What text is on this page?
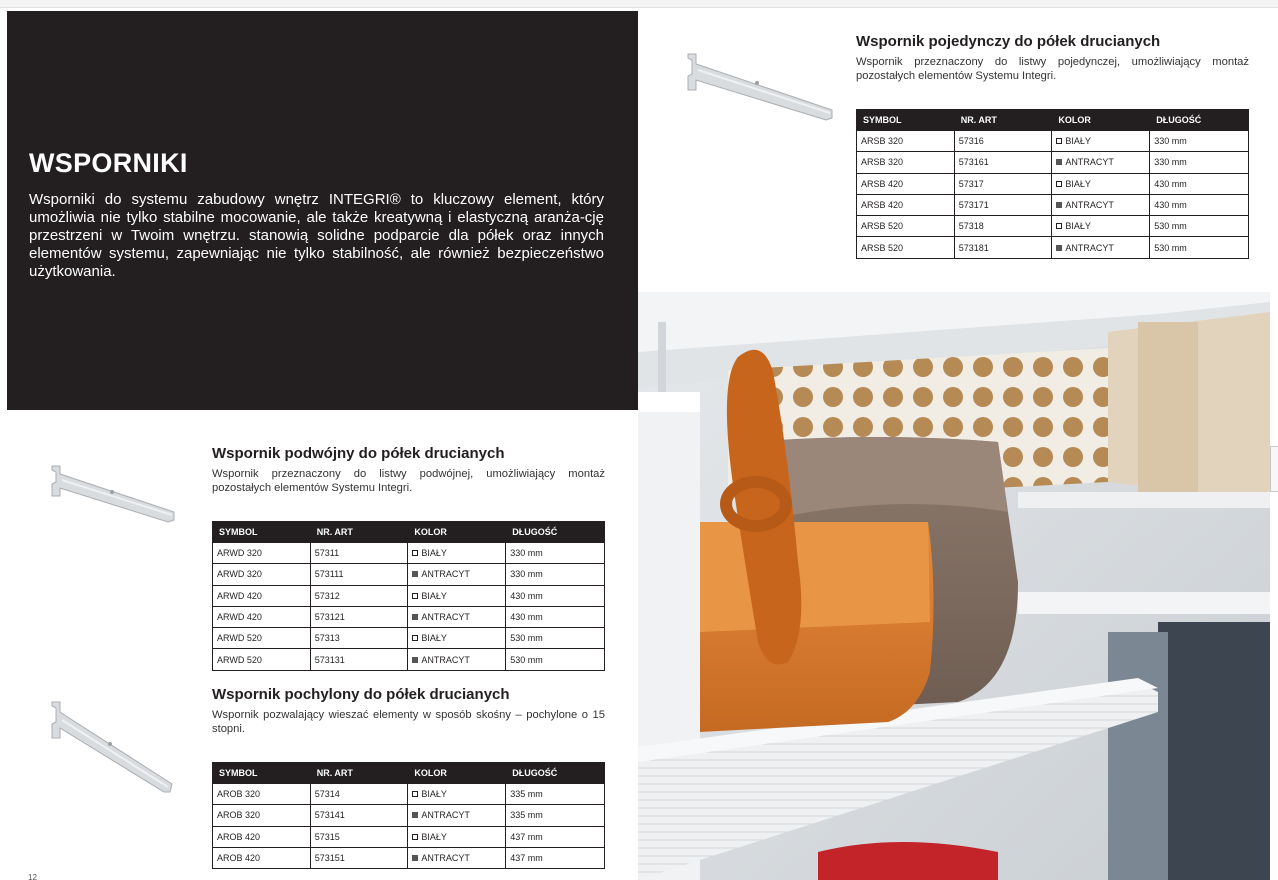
WSPORNIKI
Wsporniki do systemu zabudowy wnętrz INTEGRI® to kluczowy element, który umożliwia nie tylko stabilne mocowanie, ale także kreatywną i elastyczną aranża-cję przestrzeni w Twoim wnętrzu. stanowią solidne podparcie dla półek oraz innych elementów systemu, zapewniając nie tylko stabilność, ale również bezpieczeństwo użytkowania.
Wspornik pojedynczy do półek drucianych
Wspornik przeznaczony do listwy pojedynczej, umożliwiający montaż pozostałych elementów Systemu Integri.
SYMBOL	NR. ART	KOLOR	DŁUGOŚĆ
ARSB 320	57316	BIAŁY	330 mm
ARSB 320	573161	ANTRACYT	330 mm
ARSB 420	57317	BIAŁY	430 mm
ARSB 420	573171	ANTRACYT	430 mm
ARSB 520	57318	BIAŁY	530 mm
ARSB 520	573181	ANTRACYT	530 mm
Wspornik podwójny do półek drucianych
Wspornik przeznaczony do listwy podwójnej, umożliwiający montaż pozostałych elementów Systemu Integri.
SYMBOL	NR. ART	KOLOR	DŁUGOŚĆ
ARWD 320	57311	BIAŁY	330 mm
ARWD 320	573111	ANTRACYT	330 mm
ARWD 420	57312	BIAŁY	430 mm
ARWD 420	573121	ANTRACYT	430 mm
ARWD 520	57313	BIAŁY	530 mm
ARWD 520	573131	ANTRACYT	530 mm
Wspornik pochylony do półek drucianych
Wspornik pozwalający wieszać elementy w sposób skośny – pochylone o 15 stopni.
SYMBOL	NR. ART	KOLOR	DŁUGOŚĆ
AROB 320	57314	BIAŁY	335 mm
AROB 320	573141	ANTRACYT	335 mm
AROB 420	57315	BIAŁY	437 mm
AROB 420	573151	ANTRACYT	437 mm
12
